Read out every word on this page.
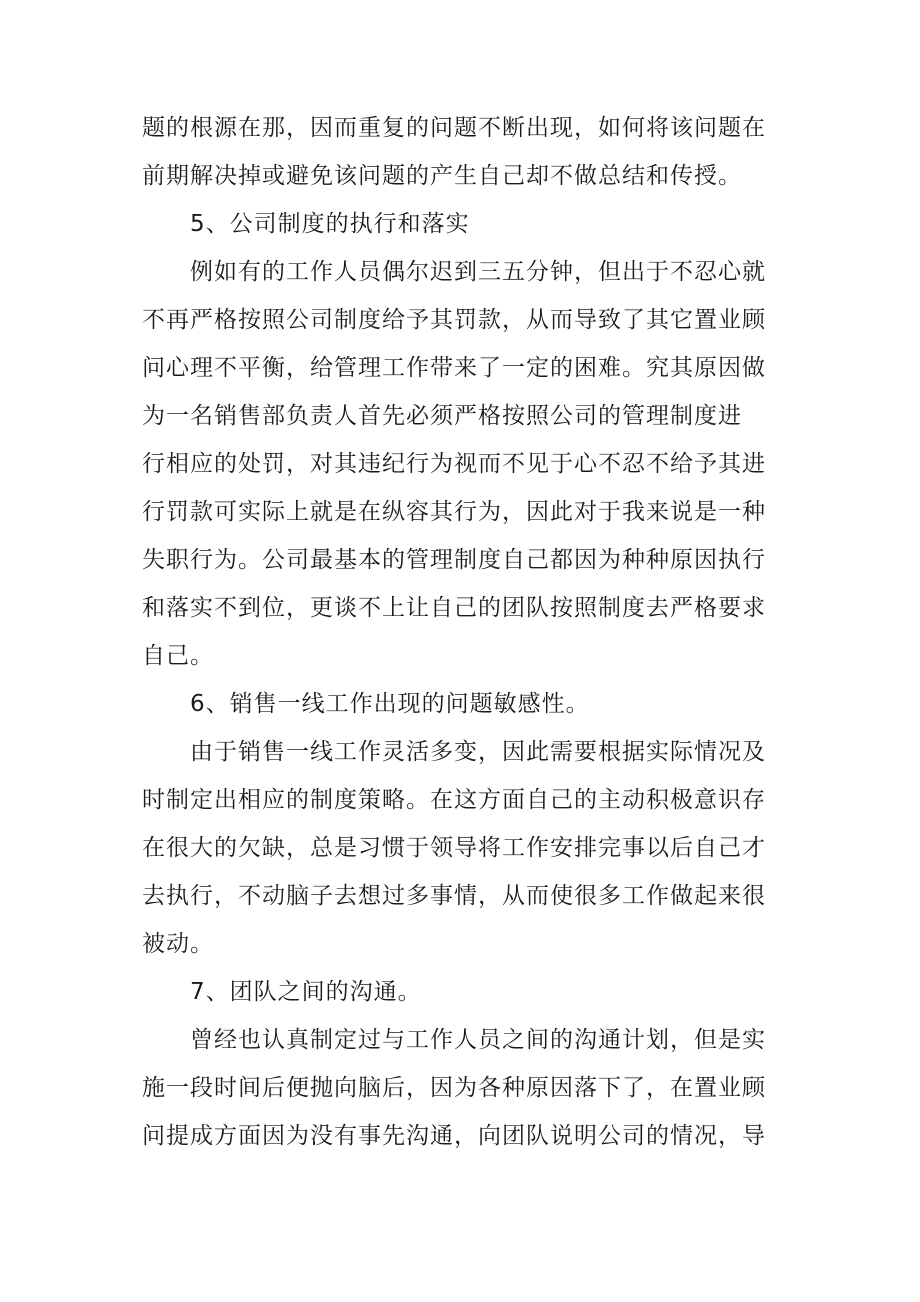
题的根源在那，因而重复的问题不断出现，如何将该问题在
前期解决掉或避免该问题的产生自己却不做总结和传授。
5、公司制度的执行和落实
例如有的工作人员偶尔迟到三五分钟，但出于不忍心就
不再严格按照公司制度给予其罚款，从而导致了其它置业顾
问心理不平衡，给管理工作带来了一定的困难。究其原因做
为一名销售部负责人首先必须严格按照公司的管理制度进
行相应的处罚，对其违纪行为视而不见于心不忍不给予其进
行罚款可实际上就是在纵容其行为，因此对于我来说是一种
失职行为。公司最基本的管理制度自己都因为种种原因执行
和落实不到位，更谈不上让自己的团队按照制度去严格要求
自己。
6、销售一线工作出现的问题敏感性。
由于销售一线工作灵活多变，因此需要根据实际情况及
时制定出相应的制度策略。在这方面自己的主动积极意识存
在很大的欠缺，总是习惯于领导将工作安排完事以后自己才
去执行，不动脑子去想过多事情，从而使很多工作做起来很
被动。
7、团队之间的沟通。
曾经也认真制定过与工作人员之间的沟通计划，但是实
施一段时间后便抛向脑后，因为各种原因落下了，在置业顾
问提成方面因为没有事先沟通，向团队说明公司的情况，导
